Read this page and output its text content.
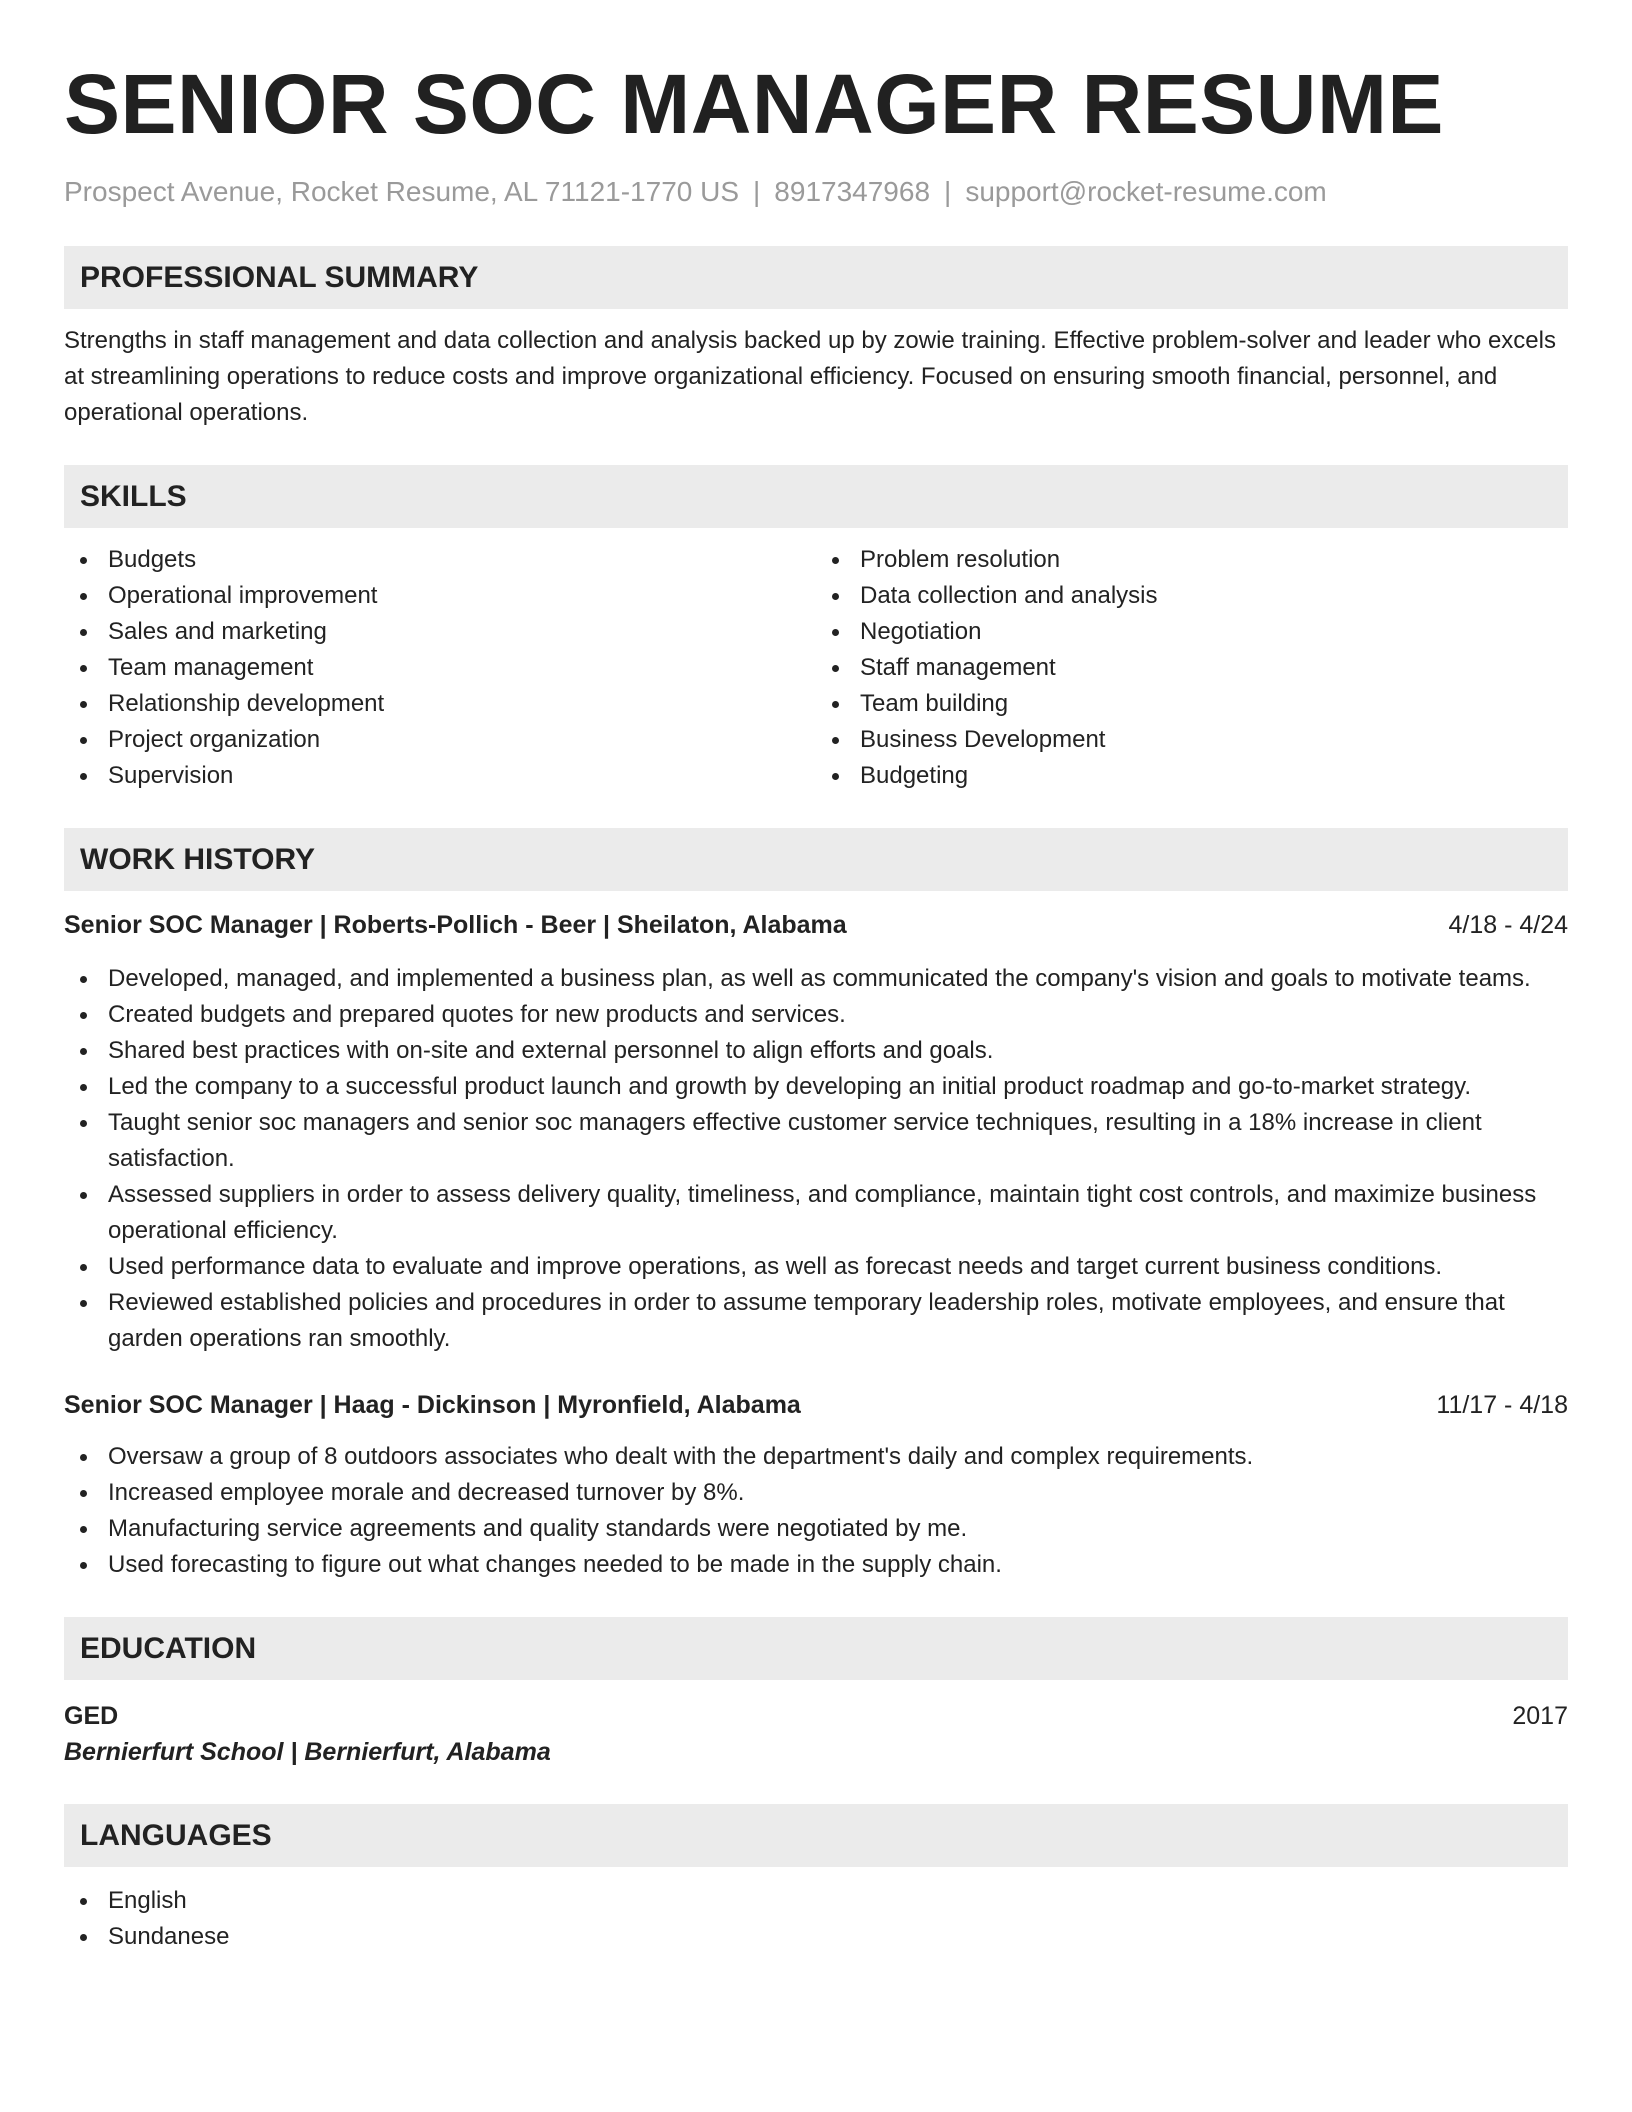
SENIOR SOC MANAGER RESUME
Prospect Avenue, Rocket Resume, AL 71121-1770 US | 8917347968 | support@rocket-resume.com
PROFESSIONAL SUMMARY

Strengths in staff management and data collection and analysis backed up by zowie training. Effective problem-solver and leader who excels at streamlining operations to reduce costs and improve organizational efficiency. Focused on ensuring smooth financial, personnel, and operational operations.

SKILLS
Budgets
Operational improvement
Sales and marketing
Team management
Relationship development
Project organization
Supervision
Problem resolution
Data collection and analysis
Negotiation
Staff management
Team building
Business Development
Budgeting
WORK HISTORY
Senior SOC Manager | Roberts-Pollich - Beer | Sheilaton, Alabama	4/18 - 4/24
Developed, managed, and implemented a business plan, as well as communicated the company's vision and goals to motivate teams.
Created budgets and prepared quotes for new products and services.
Shared best practices with on-site and external personnel to align efforts and goals.
Led the company to a successful product launch and growth by developing an initial product roadmap and go-to-market strategy.
Taught senior soc managers and senior soc managers effective customer service techniques, resulting in a 18% increase in client satisfaction.
Assessed suppliers in order to assess delivery quality, timeliness, and compliance, maintain tight cost controls, and maximize business operational efficiency.
Used performance data to evaluate and improve operations, as well as forecast needs and target current business conditions.
Reviewed established policies and procedures in order to assume temporary leadership roles, motivate employees, and ensure that garden operations ran smoothly.
Senior SOC Manager | Haag - Dickinson | Myronfield, Alabama	11/17 - 4/18
Oversaw a group of 8 outdoors associates who dealt with the department's daily and complex requirements.
Increased employee morale and decreased turnover by 8%.
Manufacturing service agreements and quality standards were negotiated by me.
Used forecasting to figure out what changes needed to be made in the supply chain.
EDUCATION
GED	2017
Bernierfurt School | Bernierfurt, Alabama
LANGUAGES
English
Sundanese
